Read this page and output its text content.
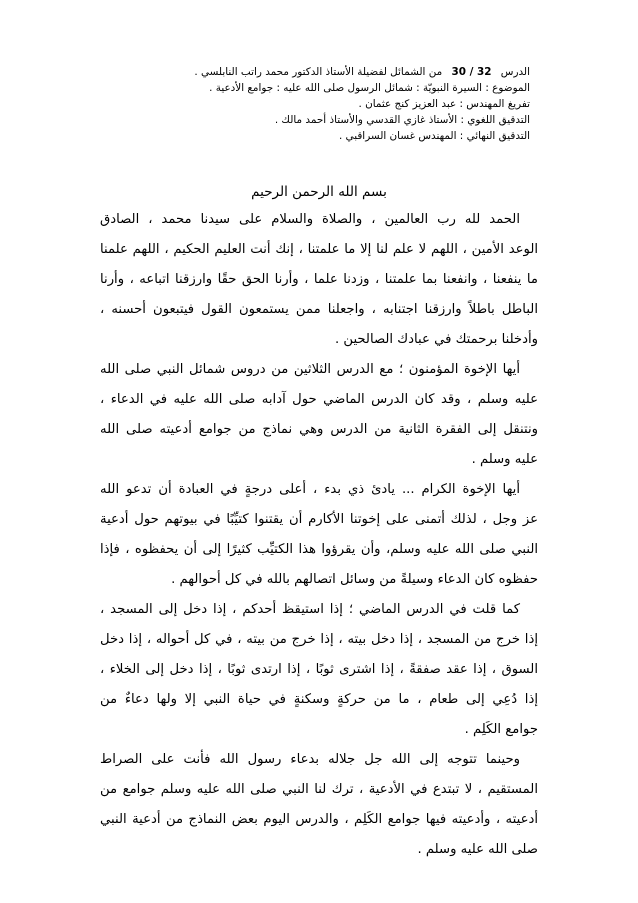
الدرس 30 / 32 من الشمائل لفضيلة الأستاذ الدكتور محمد راتب النابلسي .
الموضوع : السيرة النبويّة : شمائل الرسول صلى الله عليه : جوامع الأدعية .
تفريغ المهندس : عبد العزيز كنج عثمان .
التدقيق اللغوي : الأستاذ غازي القدسي والأستاذ أحمد مالك .
التدقيق النهائي : المهندس غسان السراقبي .
بسم الله الرحمن الرحيم
الحمد لله رب العالمين ، والصلاة والسلام على سيدنا محمد ، الصادق
الوعد الأمين ، اللهم لا علم لنا إلا ما علمتنا ، إنك أنت العليم الحكيم ، اللهم علمنا
ما ينفعنا ، وانفعنا بما علمتنا ، وزدنا علما ، وأرنا الحق حقًا وارزقنا اتباعه ، وأرنا
الباطل باطلاً وارزقنا اجتنابه ، واجعلنا ممن يستمعون القول فيتبعون أحسنه ،
وأدخلنا برحمتك في عبادك الصالحين .
أيها الإخوة المؤمنون ؛ مع الدرس الثلاثين من دروس شمائل النبي صلى الله
عليه وسلم ، وقد كان الدرس الماضي حول آدابه صلى الله عليه في الدعاء ،
ونتنقل إلى الفقرة الثانية من الدرس وهي نماذج من جوامع أدعيته صلى الله
عليه وسلم .
أيها الإخوة الكرام ... يادئ ذي بدء ، أعلى درجةٍ في العبادة أن تدعو الله
عز وجل ، لذلك أتمنى على إخوتنا الأكارم أن يقتنوا كتيِّبًا في بيوتهم حول أدعية
النبي صلى الله عليه وسلم، وأن يقرؤوا هذا الكتيِّب كثيرًا إلى أن يحفظوه ، فإذا
حفظوه كان الدعاء وسيلةً من وسائل اتصالهم بالله في كل أحوالهم .
كما قلت في الدرس الماضي ؛ إذا استيقظ أحدكم ، إذا دخل إلى المسجد ،
إذا خرج من المسجد ، إذا دخل بيته ، إذا خرج من بيته ، في كل أحواله ، إذا دخل
السوق ، إذا عقد صفقةً ، إذا اشترى ثوبًا ، إذا ارتدى ثوبًا ، إذا دخل إلى الخلاء ،
إذا دُعِي إلى طعام ، ما من حركةٍ وسكنةٍ في حياة النبي إلا ولها دعاءٌ من
جوامع الكَلِم .
وحينما تتوجه إلى الله جل جلاله بدعاء رسول الله فأنت على الصراط
المستقيم ، لا تبتدع في الأدعية ، ترك لنا النبي صلى الله عليه وسلم جوامع من
أدعيته ، وأدعيته فيها جوامع الكَلِم ، والدرس اليوم بعض النماذج من أدعية النبي
صلى الله عليه وسلم .
